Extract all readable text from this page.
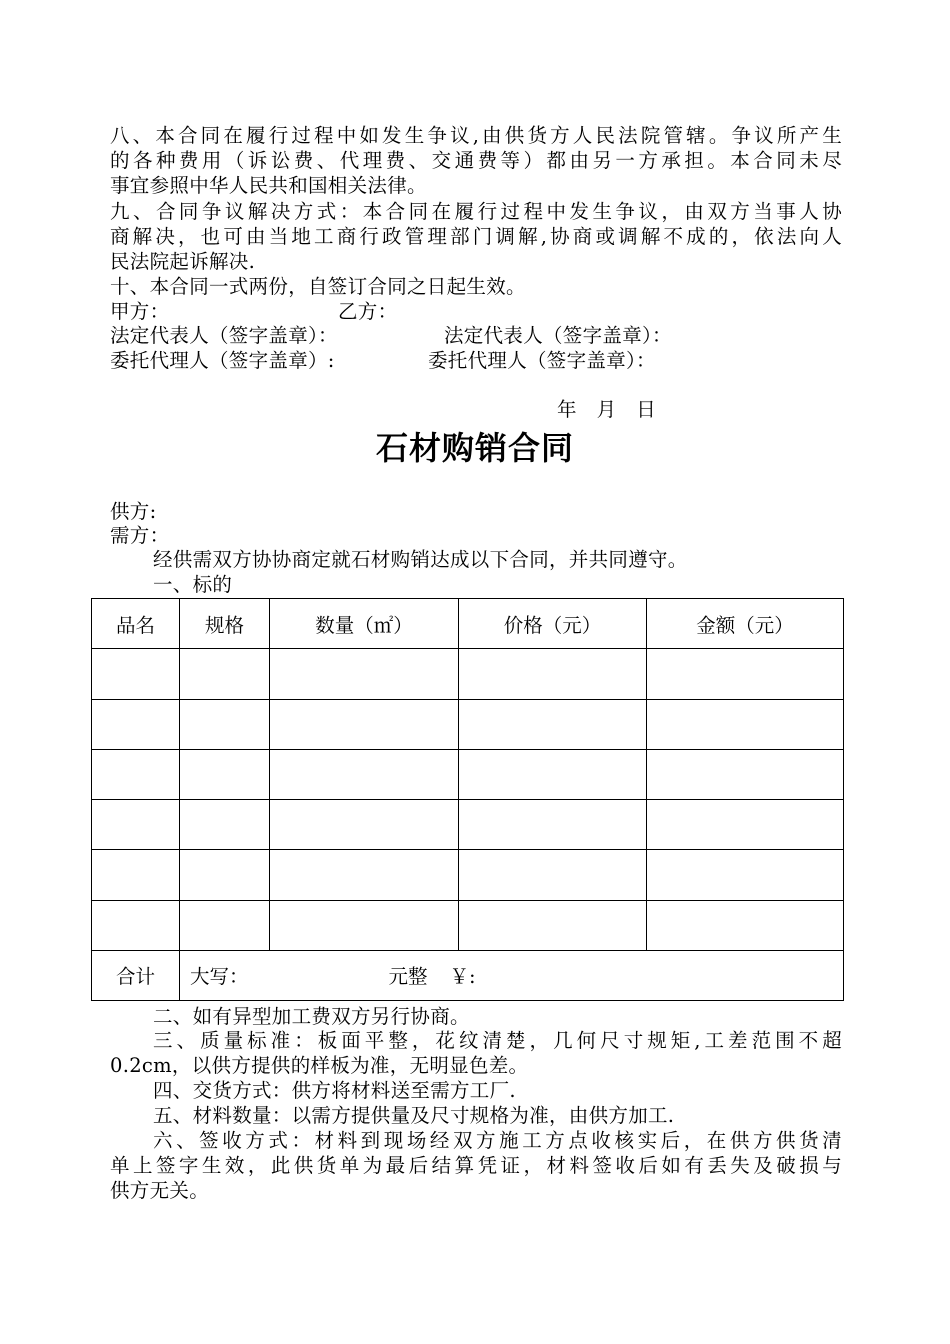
八、本合同在履行过程中如发生争议,由供货方人民法院管辖。争议所产生
的各种费用（诉讼费、代理费、交通费等）都由另一方承担。本合同未尽
事宜参照中华人民共和国相关法律。
九、合同争议解决方式：本合同在履行过程中发生争议，由双方当事人协
商解决，也可由当地工商行政管理部门调解,协商或调解不成的，依法向人
民法院起诉解决.
十、本合同一式两份，自签订合同之日起生效。
甲方：	乙方：
法定代表人（签字盖章）：	法定代表人（签字盖章）：
委托代理人（签字盖章）:	委托代理人（签字盖章）：
年　月　日
石材购销合同
供方:
需方：
经供需双方协协商定就石材购销达成以下合同，并共同遵守。
一、标的
品名	规格	数量（㎡）	价格（元）	金额（元）

合计	大写： 元整 ￥:			
二、如有异型加工费双方另行协商。
三、质量标准：板面平整，花纹清楚，几何尺寸规矩,工差范围不超
0.2cm，以供方提供的样板为准，无明显色差。
四、交货方式：供方将材料送至需方工厂.
五、材料数量：以需方提供量及尺寸规格为准，由供方加工.
六、签收方式：材料到现场经双方施工方点收核实后，在供方供货清
单上签字生效，此供货单为最后结算凭证，材料签收后如有丢失及破损与
供方无关。
